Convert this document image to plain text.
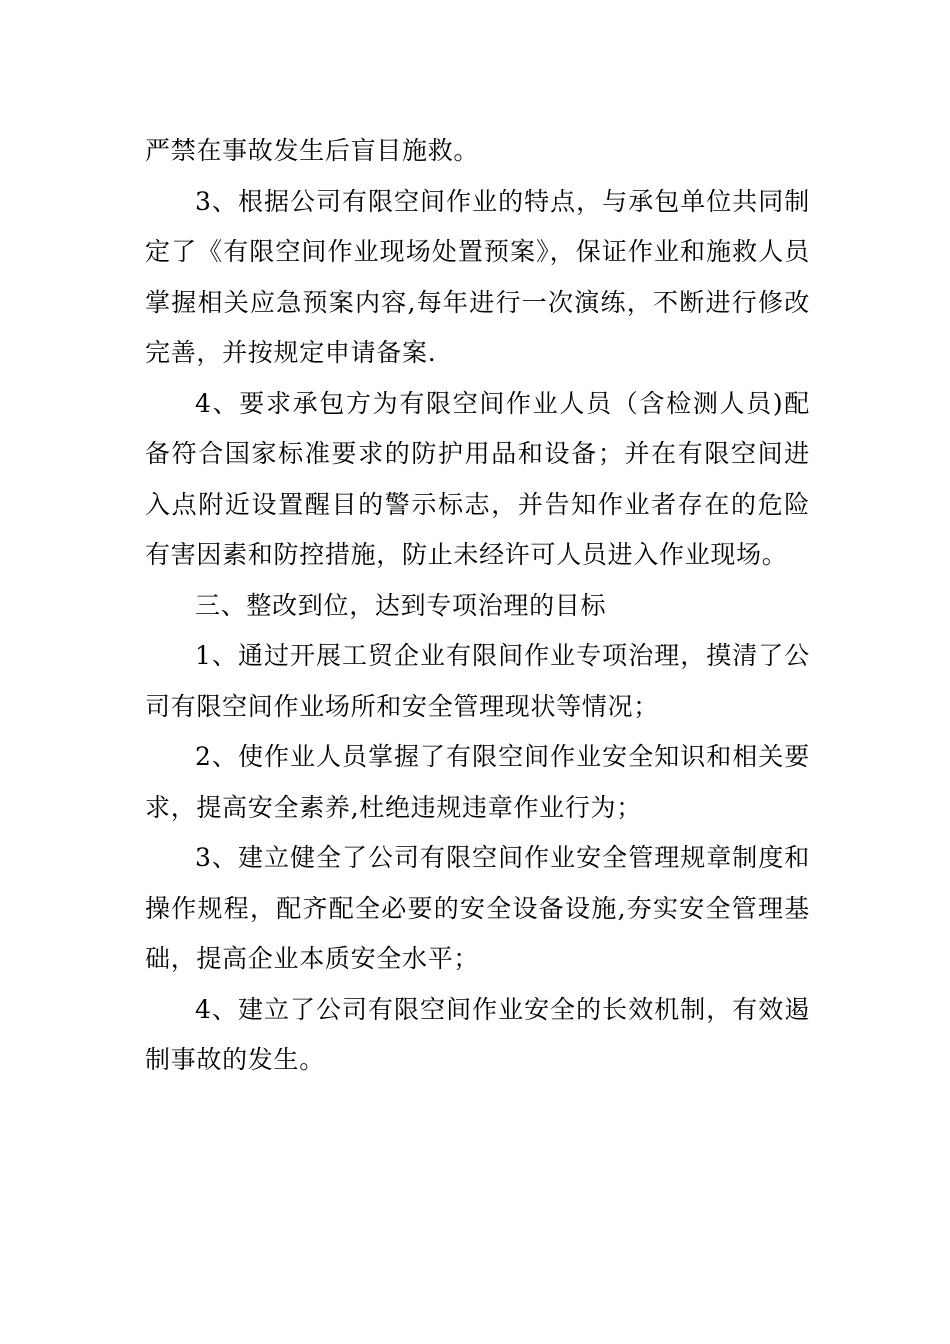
严禁在事故发生后盲目施救。

3、根据公司有限空间作业的特点，与承包单位共同制定了《有限空间作业现场处置预案》，保证作业和施救人员掌握相关应急预案内容,每年进行一次演练，不断进行修改完善，并按规定申请备案.

4、要求承包方为有限空间作业人员（含检测人员)配备符合国家标准要求的防护用品和设备；并在有限空间进入点附近设置醒目的警示标志，并告知作业者存在的危险有害因素和防控措施，防止未经许可人员进入作业现场。

三、整改到位，达到专项治理的目标

1、通过开展工贸企业有限间作业专项治理，摸清了公司有限空间作业场所和安全管理现状等情况；

2、使作业人员掌握了有限空间作业安全知识和相关要求，提高安全素养,杜绝违规违章作业行为；

3、建立健全了公司有限空间作业安全管理规章制度和操作规程，配齐配全必要的安全设备设施,夯实安全管理基础，提高企业本质安全水平；

4、建立了公司有限空间作业安全的长效机制，有效遏制事故的发生。
